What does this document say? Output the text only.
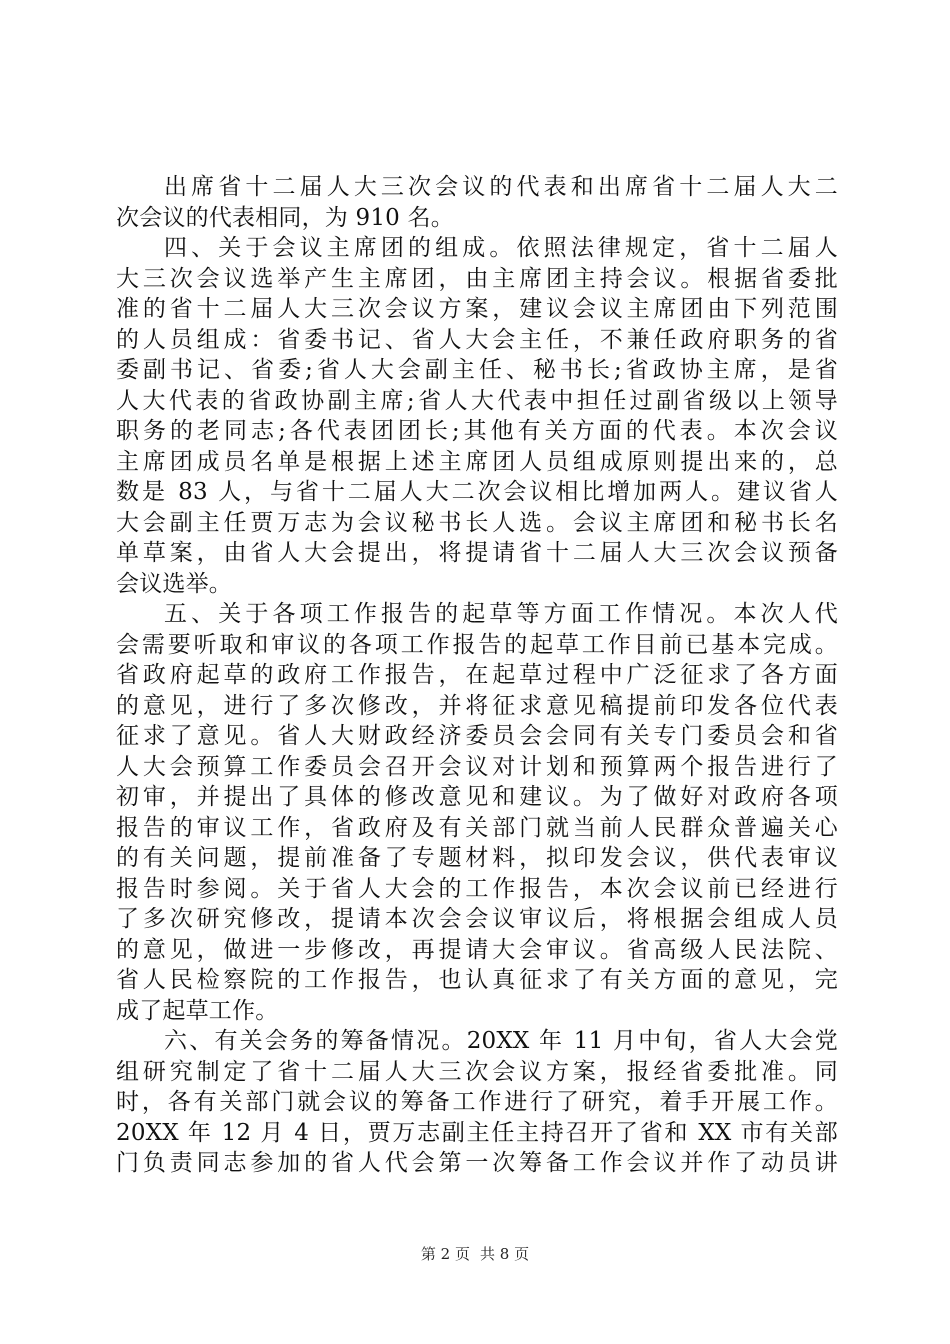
出席省十二届人大三次会议的代表和出席省十二届人大二
次会议的代表相同，为 910 名。
四、关于会议主席团的组成。依照法律规定，省十二届人
大三次会议选举产生主席团，由主席团主持会议。根据省委批
准的省十二届人大三次会议方案，建议会议主席团由下列范围
的人员组成：省委书记、省人大会主任，不兼任政府职务的省
委副书记、省委;省人大会副主任、秘书长;省政协主席，是省
人大代表的省政协副主席;省人大代表中担任过副省级以上领导
职务的老同志;各代表团团长;其他有关方面的代表。本次会议
主席团成员名单是根据上述主席团人员组成原则提出来的，总
数是 83 人，与省十二届人大二次会议相比增加两人。建议省人
大会副主任贾万志为会议秘书长人选。会议主席团和秘书长名
单草案，由省人大会提出，将提请省十二届人大三次会议预备
会议选举。
五、关于各项工作报告的起草等方面工作情况。本次人代
会需要听取和审议的各项工作报告的起草工作目前已基本完成。
省政府起草的政府工作报告，在起草过程中广泛征求了各方面
的意见，进行了多次修改，并将征求意见稿提前印发各位代表
征求了意见。省人大财政经济委员会会同有关专门委员会和省
人大会预算工作委员会召开会议对计划和预算两个报告进行了
初审，并提出了具体的修改意见和建议。为了做好对政府各项
报告的审议工作，省政府及有关部门就当前人民群众普遍关心
的有关问题，提前准备了专题材料，拟印发会议，供代表审议
报告时参阅。关于省人大会的工作报告，本次会议前已经进行
了多次研究修改，提请本次会会议审议后，将根据会组成人员
的意见，做进一步修改，再提请大会审议。省高级人民法院、
省人民检察院的工作报告，也认真征求了有关方面的意见，完
成了起草工作。
六、有关会务的筹备情况。20XX 年 11 月中旬，省人大会党
组研究制定了省十二届人大三次会议方案，报经省委批准。同
时，各有关部门就会议的筹备工作进行了研究，着手开展工作。
20XX 年 12 月 4 日，贾万志副主任主持召开了省和 XX 市有关部
门负责同志参加的省人代会第一次筹备工作会议并作了动员讲
第 2 页 共 8 页
